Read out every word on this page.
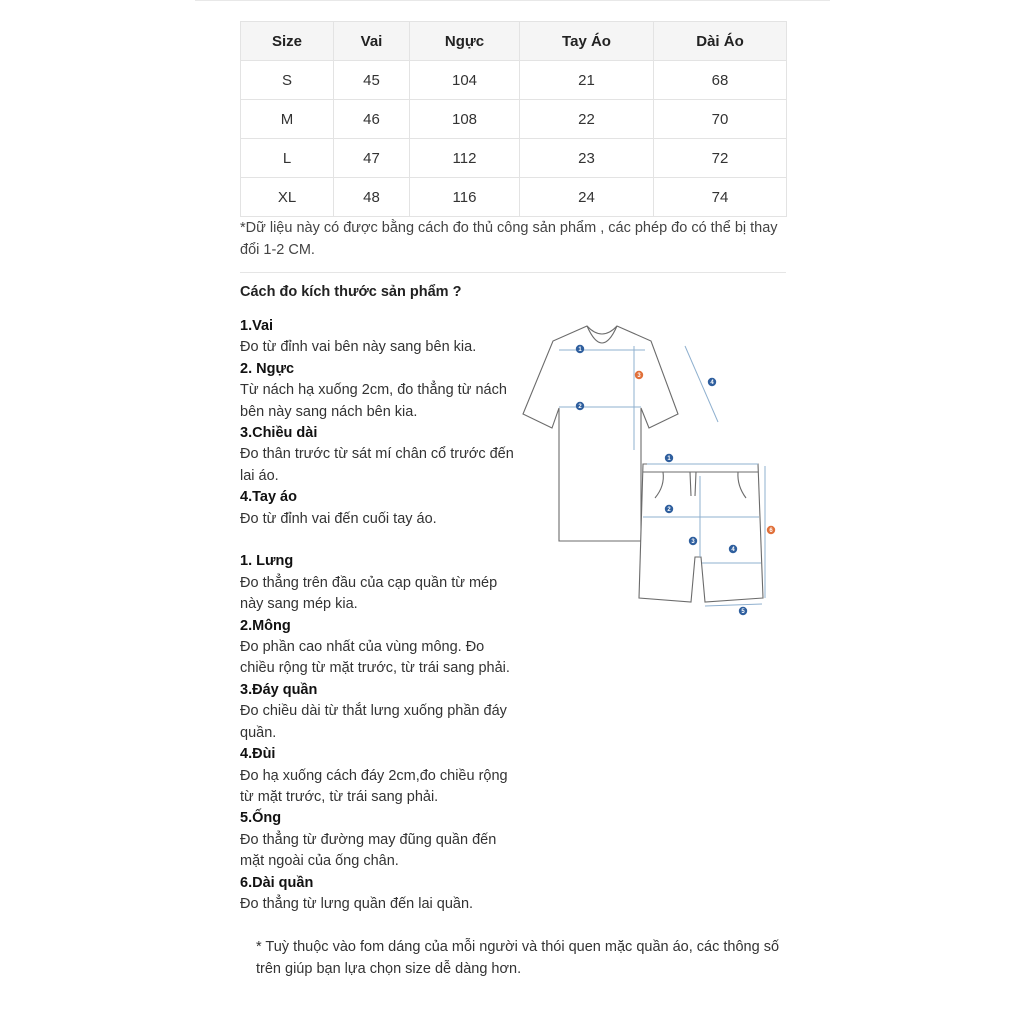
Size	Vai	Ngực	Tay Áo	Dài Áo
S	45	104	21	68
M	46	108	22	70
L	47	112	23	72
XL	48	116	24	74
*Dữ liệu này có được bằng cách đo thủ công sản phẩm , các phép đo có thể bị thay đổi 1-2 CM.
Cách đo kích thước sản phẩm ?
1.Vai
Đo từ đỉnh vai bên này sang bên kia.
2. Ngực
Từ nách hạ xuống 2cm, đo thẳng từ nách bên này sang nách bên kia.
3.Chiều dài
Đo thân trước từ sát mí chân cổ trước đến lai áo.
4.Tay áo
Đo từ đỉnh vai đến cuối tay áo.
1. Lưng
Đo thẳng trên đầu của cạp quần từ mép này sang mép kia.
2.Mông
Đo phần cao nhất của vùng mông. Đo chiều rộng từ mặt trước, từ trái sang phải.
3.Đáy quần
Đo chiều dài từ thắt lưng xuống phần đáy quần.
4.Đùi
Đo hạ xuống cách đáy 2cm,đo chiều rộng từ mặt trước, từ trái sang phải.
5.Ống
Đo thẳng từ đường may đũng quần đến mặt ngoài của ống chân.
6.Dài quần
Đo thẳng từ lưng quần đến lai quần.
1
2
3
4
1
2
3
4
5
6
* Tuỳ thuộc vào fom dáng của mỗi người và thói quen mặc quần áo, các thông số trên giúp bạn lựa chọn size dễ dàng hơn.
